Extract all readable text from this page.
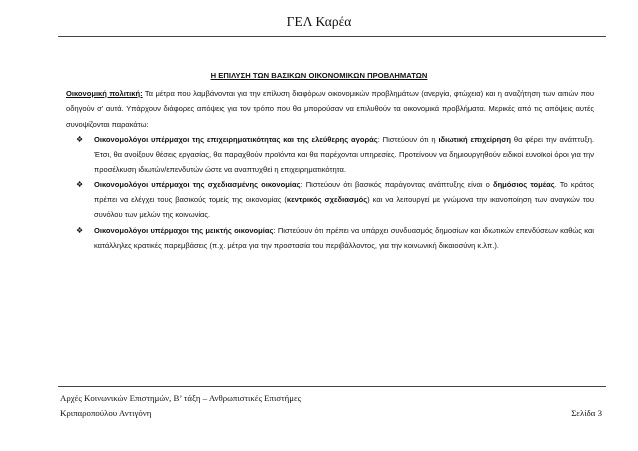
ΓΕΛ Καρέα
Η ΕΠΙΛΥΣΗ ΤΩΝ ΒΑΣΙΚΩΝ ΟΙΚΟΝΟΜΙΚΩΝ ΠΡΟΒΛΗΜΑΤΩΝ

Οικονομική πολιτική: Τα μέτρα που λαμβάνονται για την επίλυση διαφόρων οικονομικών προβλημάτων (ανεργία, φτώχεια) και η αναζήτηση των αιτιών που οδηγούν σ’ αυτά. Υπάρχουν διάφορες απόψεις για τον τρόπο που θα μπορούσαν να επιλυθούν τα οικονομικά προβλήματα. Μερικές από τις απόψεις αυτές συνοψίζονται παρακάτω:

❖ Οικονομολόγοι υπέρμαχοι της επιχειρηματικότητας και της ελεύθερης αγοράς: Πιστεύουν ότι η ιδιωτική επιχείρηση θα φέρει την ανάπτυξη. Έτσι, θα ανοίξουν θέσεις εργασίας, θα παραχθούν προϊόντα και θα παρέχονται υπηρεσίες. Προτείνουν να δημιουργηθούν ειδικοί ευνοϊκοί όροι για την προσέλκυση ιδιωτών/επενδυτών ώστε να αναπτυχθεί η επιχειρηματικότητα.
❖ Οικονομολόγοι υπέρμαχοι της σχεδιασμένης οικονομίας: Πιστεύουν ότι βασικός παράγοντας ανάπτυξης είναι ο δημόσιος τομέας. Το κράτος πρέπει να ελέγχει τους βασικούς τομείς της οικονομίας (κεντρικός σχεδιασμός) και να λειτουργεί με γνώμονα την ικανοποίηση των αναγκών του συνόλου των μελών της κοινωνίας.
❖ Οικονομολόγοι υπέρμαχοι της μεικτής οικονομίας: Πιστεύουν ότι πρέπει να υπάρχει συνδυασμός δημοσίων και ιδιωτικών επενδύσεων καθώς και κατάλληλες κρατικές παρεμβάσεις (π.χ. μέτρα για την προστασία του περιβάλλοντος, για την κοινωνική δικαιοσύνη κ.λπ.).
Αρχές Κοινωνικών Επιστημών, Β’ τάξη – Ανθρωπιστικές Επιστήμες
Κριπαροπούλου Αντιγόνη	Σελίδα 3
